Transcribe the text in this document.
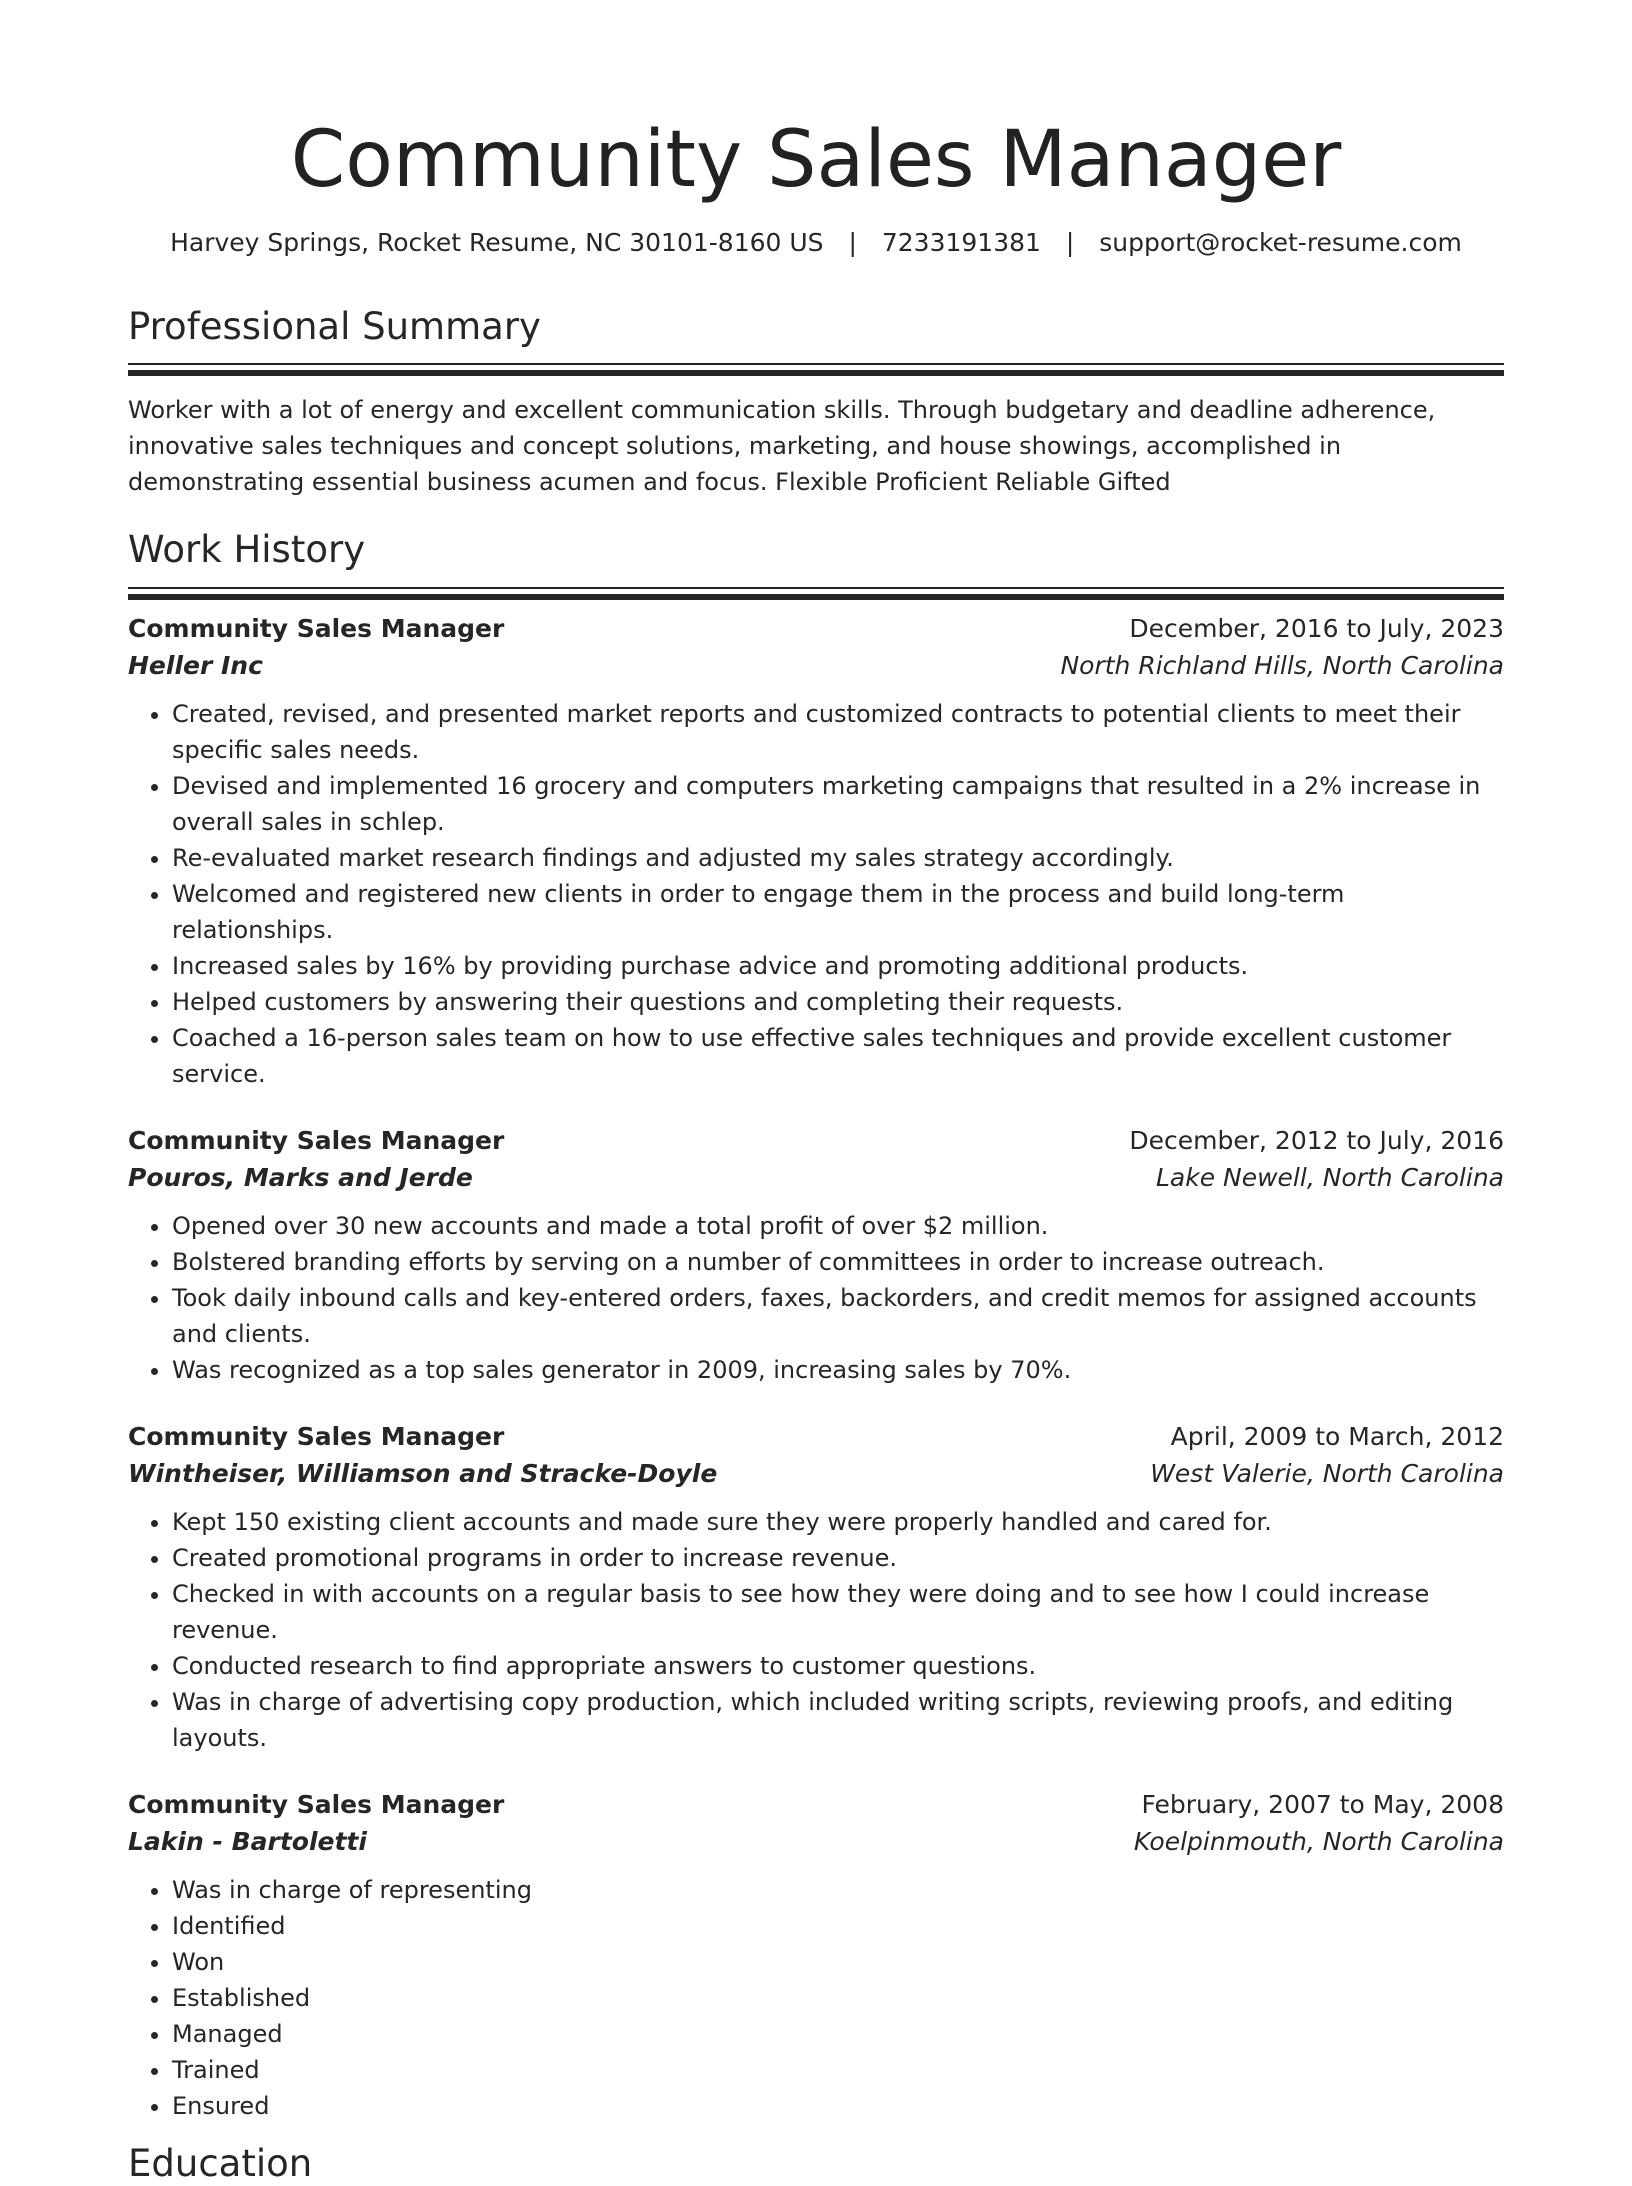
Community Sales Manager
Harvey Springs, Rocket Resume, NC 30101-8160 US | 7233191381 | support@rocket-resume.com
Professional Summary

Worker with a lot of energy and excellent communication skills. Through budgetary and deadline adherence, innovative sales techniques and concept solutions, marketing, and house showings, accomplished in demonstrating essential business acumen and focus. Flexible Proficient Reliable Gifted

Work History
Community Sales Manager	December, 2016 to July, 2023
Heller Inc	North Richland Hills, North Carolina
• Created, revised, and presented market reports and customized contracts to potential clients to meet their specific sales needs.
• Devised and implemented 16 grocery and computers marketing campaigns that resulted in a 2% increase in overall sales in schlep.
• Re-evaluated market research findings and adjusted my sales strategy accordingly.
• Welcomed and registered new clients in order to engage them in the process and build long-term relationships.
• Increased sales by 16% by providing purchase advice and promoting additional products.
• Helped customers by answering their questions and completing their requests.
• Coached a 16-person sales team on how to use effective sales techniques and provide excellent customer service.
Community Sales Manager	December, 2012 to July, 2016
Pouros, Marks and Jerde	Lake Newell, North Carolina
• Opened over 30 new accounts and made a total profit of over $2 million.
• Bolstered branding efforts by serving on a number of committees in order to increase outreach.
• Took daily inbound calls and key-entered orders, faxes, backorders, and credit memos for assigned accounts and clients.
• Was recognized as a top sales generator in 2009, increasing sales by 70%.
Community Sales Manager	April, 2009 to March, 2012
Wintheiser, Williamson and Stracke-Doyle	West Valerie, North Carolina
• Kept 150 existing client accounts and made sure they were properly handled and cared for.
• Created promotional programs in order to increase revenue.
• Checked in with accounts on a regular basis to see how they were doing and to see how I could increase revenue.
• Conducted research to find appropriate answers to customer questions.
• Was in charge of advertising copy production, which included writing scripts, reviewing proofs, and editing layouts.
Community Sales Manager	February, 2007 to May, 2008
Lakin - Bartoletti	Koelpinmouth, North Carolina
• Was in charge of representing
• Identified
• Won
• Established
• Managed
• Trained
• Ensured
Education
